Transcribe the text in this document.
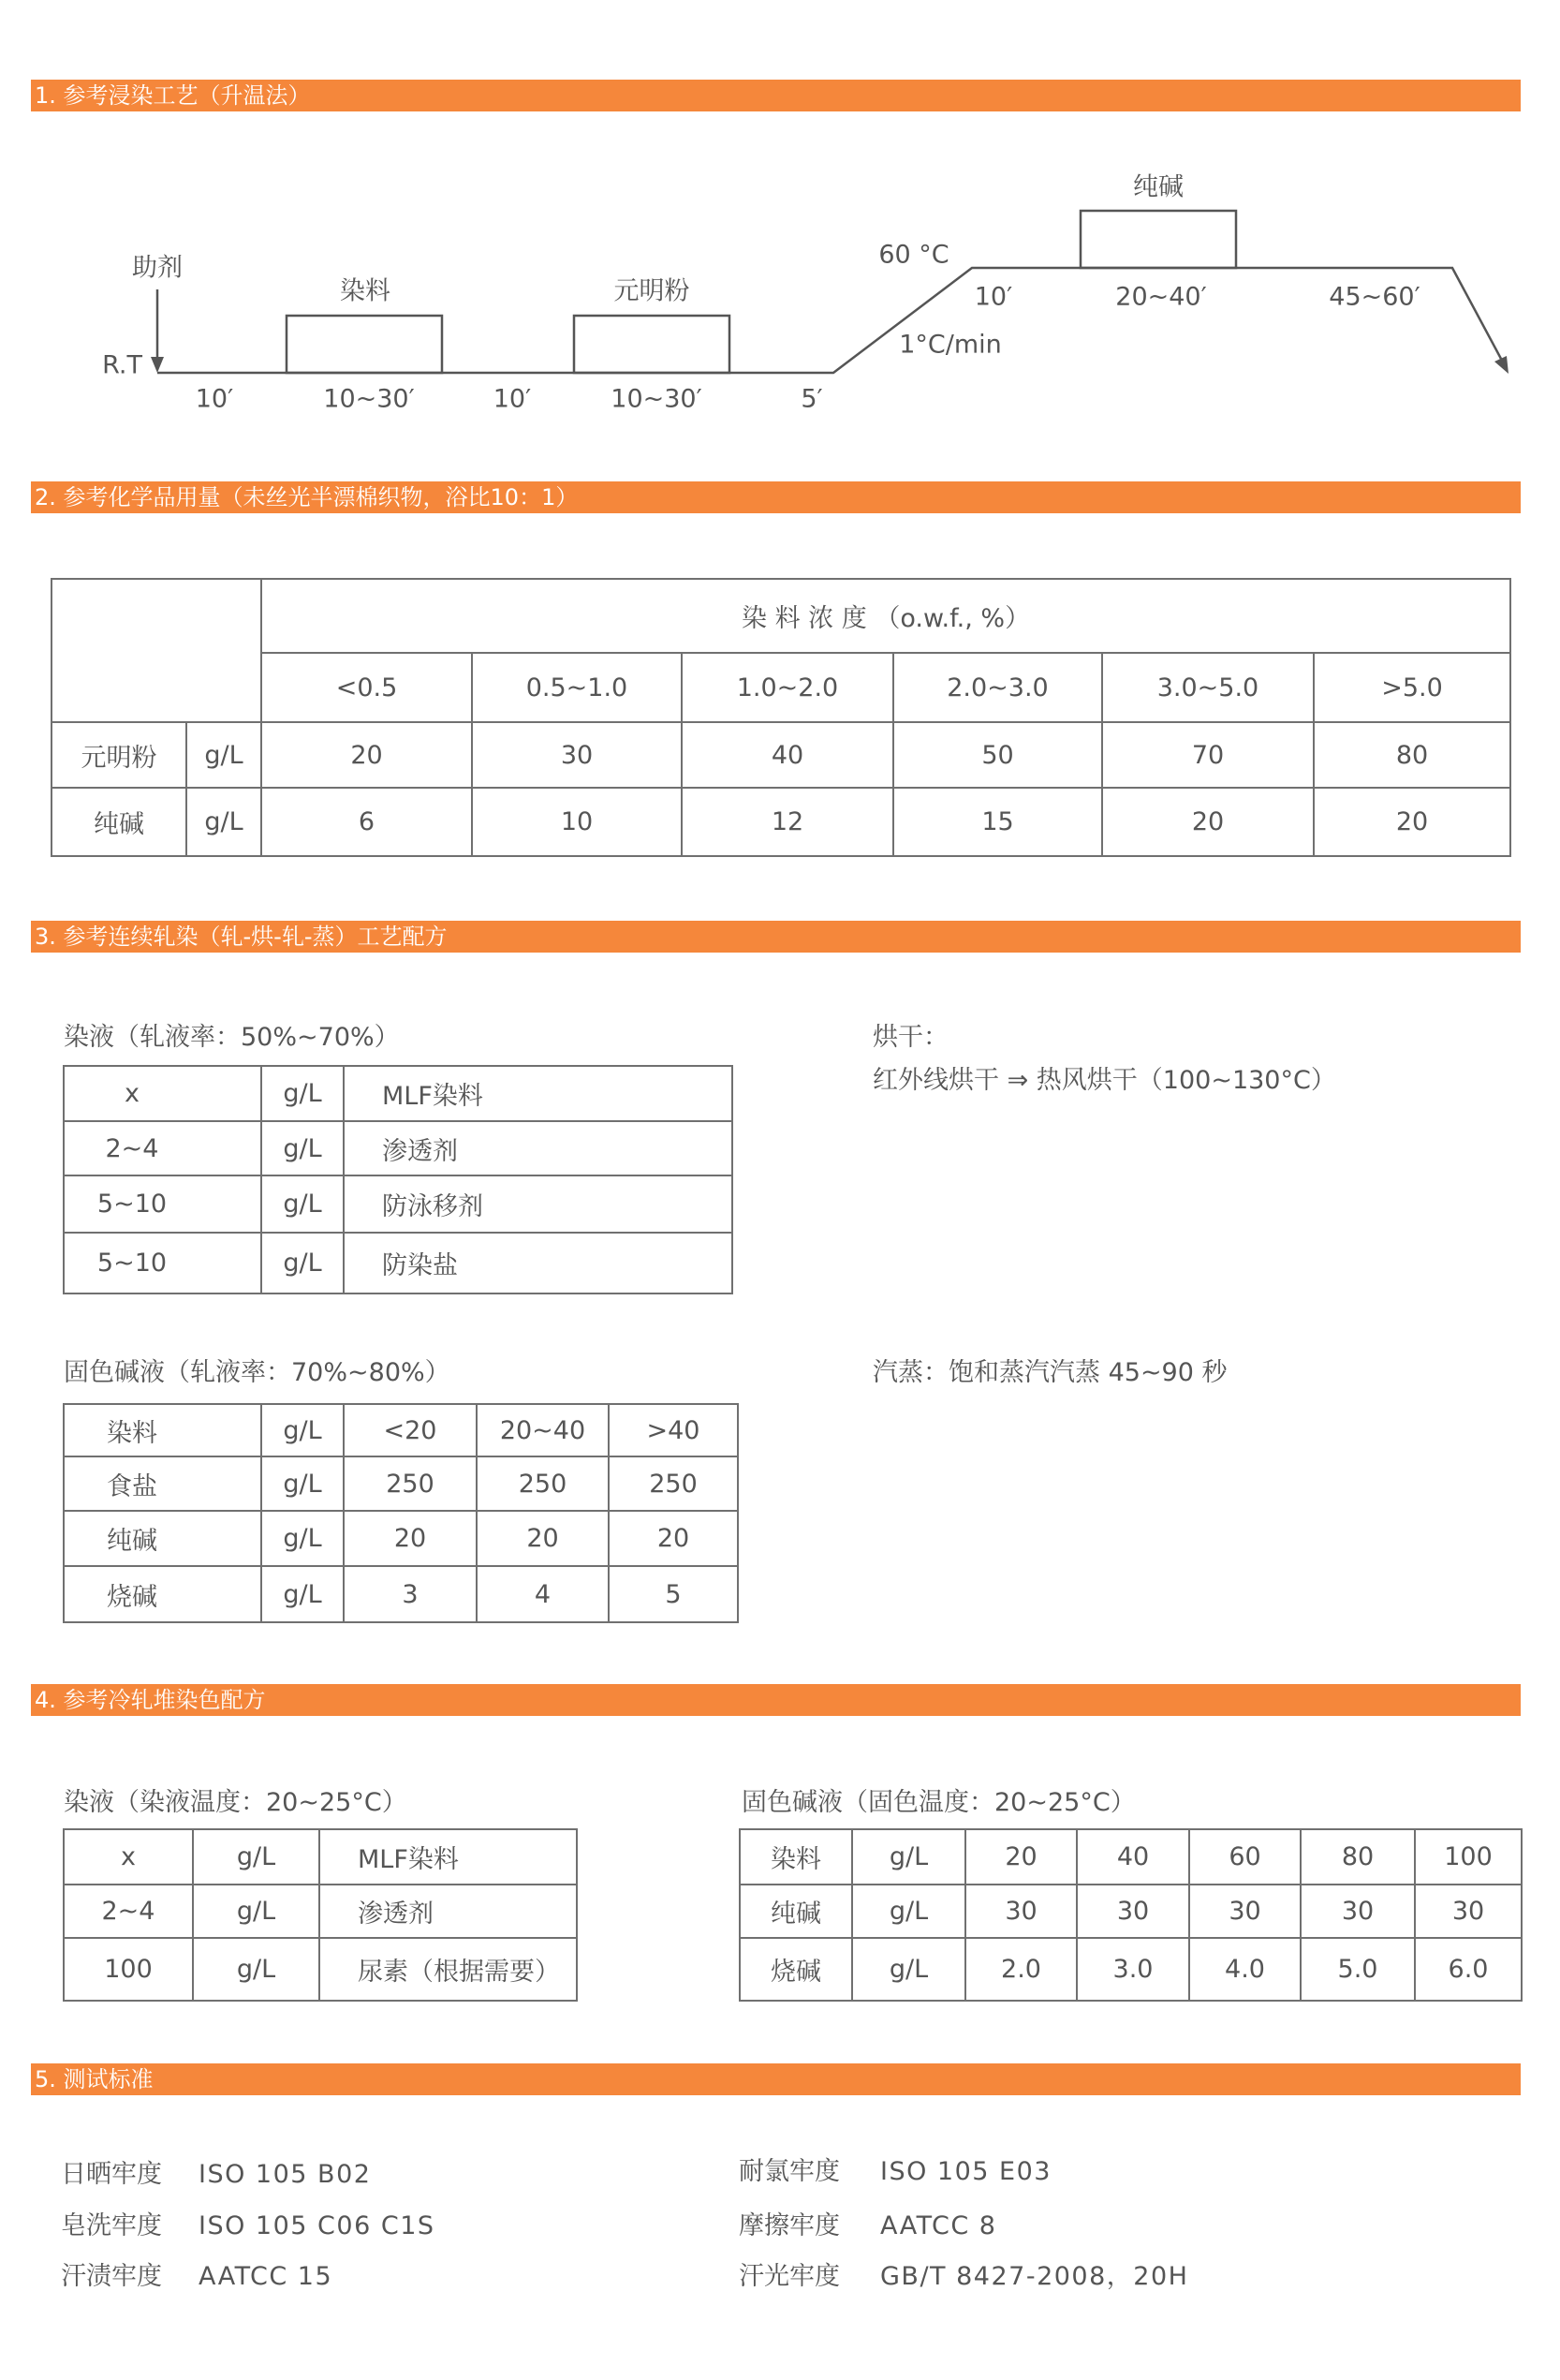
1. 参考浸染工艺（升温法）
助剂
R.T
染料	元明粉
纯碱
60 °C
1°C/min
10′	10~30′	10′	10~30′	5′
10′	20~40′	45~60′
2. 参考化学品用量（未丝光半漂棉织物，浴比10：1）
		染 料 浓 度 （o.w.f., %）					
		<0.5	0.5~1.0	1.0~2.0	2.0~3.0	3.0~5.0	>5.0
元明粉	g/L	20	30	40	50	70	80
纯碱	g/L	6	10	12	15	20	20
3. 参考连续轧染（轧-烘-轧-蒸）工艺配方
染液（轧液率：50%~70%）
x	g/L	MLF染料
2~4	g/L	渗透剂
5~10	g/L	防泳移剂
5~10	g/L	防染盐
烘干：
红外线烘干 ⇒ 热风烘干（100~130°C）
固色碱液（轧液率：70%~80%）	汽蒸：饱和蒸汽汽蒸 45~90 秒
染料	g/L	<20	20~40	>40
食盐	g/L	250	250	250
纯碱	g/L	20	20	20
烧碱	g/L	3	4	5
4. 参考冷轧堆染色配方
染液（染液温度：20~25°C）	固色碱液（固色温度：20~25°C）
x	g/L	MLF染料
2~4	g/L	渗透剂
100	g/L	尿素（根据需要）
染料	g/L	20	40	60	80	100
纯碱	g/L	30	30	30	30	30
烧碱	g/L	2.0	3.0	4.0	5.0	6.0
5. 测试标准
日晒牢度 ISO 105 B02
皂洗牢度 ISO 105 C06 C1S
汗渍牢度 AATCC 15
耐氯牢度 ISO 105 E03
摩擦牢度 AATCC 8
汗光牢度 GB/T 8427-2008，20H
